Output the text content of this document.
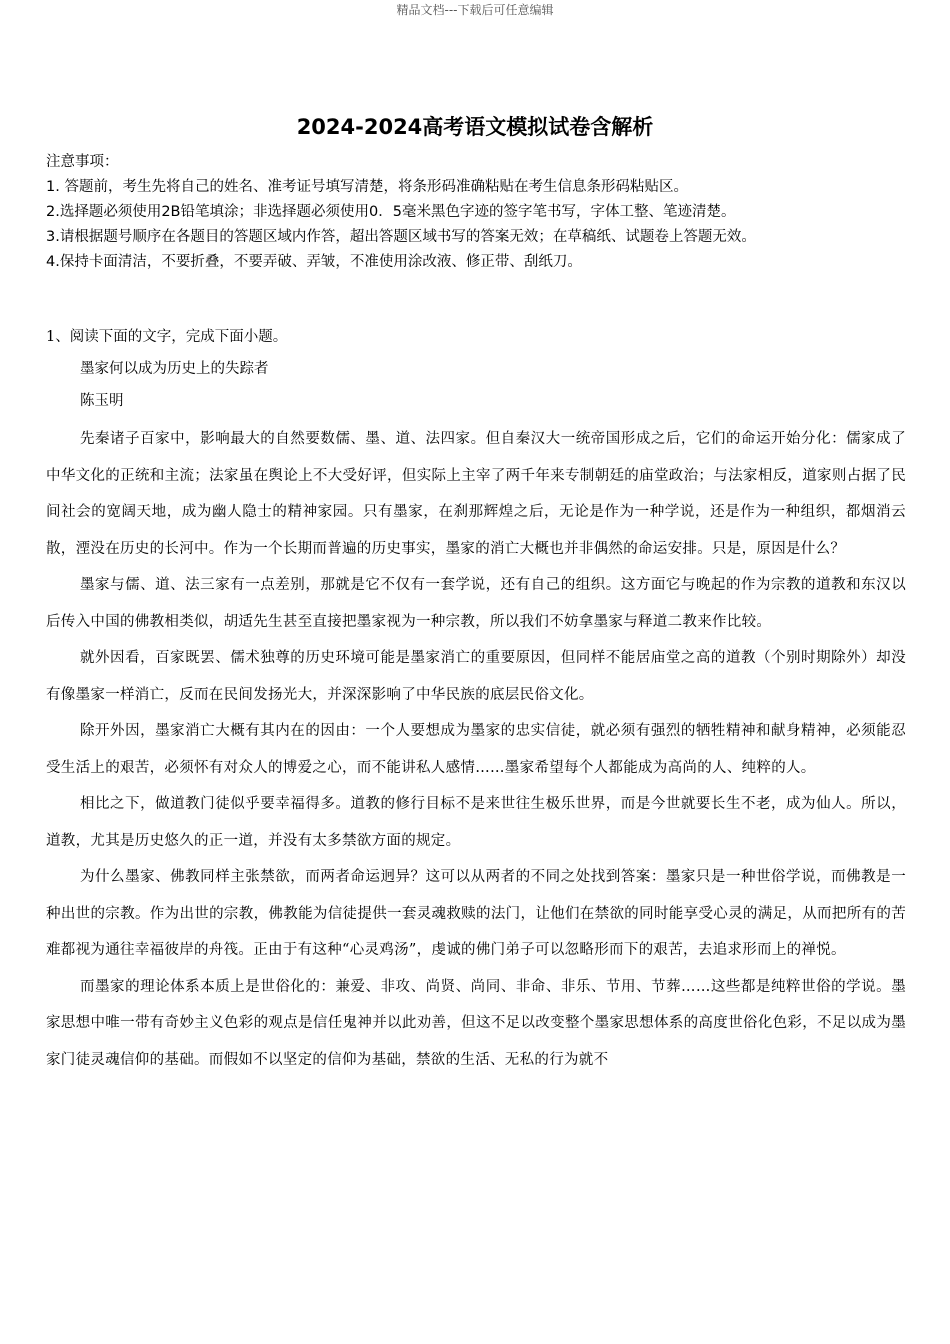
精品文档---下载后可任意编辑
2024-2024高考语文模拟试卷含解析
注意事项：
1. 答题前，考生先将自己的姓名、准考证号填写清楚，将条形码准确粘贴在考生信息条形码粘贴区。
2.选择题必须使用2B铅笔填涂；非选择题必须使用0．5毫米黑色字迹的签字笔书写，字体工整、笔迹清楚。
3.请根据题号顺序在各题目的答题区域内作答，超出答题区域书写的答案无效；在草稿纸、试题卷上答题无效。
4.保持卡面清洁，不要折叠，不要弄破、弄皱，不准使用涂改液、修正带、刮纸刀。
1、阅读下面的文字，完成下面小题。
墨家何以成为历史上的失踪者
陈玉明

先秦诸子百家中，影响最大的自然要数儒、墨、道、法四家。但自秦汉大一统帝国形成之后，它们的命运开始分化：儒家成了中华文化的正统和主流；法家虽在舆论上不大受好评，但实际上主宰了两千年来专制朝廷的庙堂政治；与法家相反，道家则占据了民间社会的宽阔天地，成为幽人隐士的精神家园。只有墨家，在刹那辉煌之后，无论是作为一种学说，还是作为一种组织，都烟消云散，湮没在历史的长河中。作为一个长期而普遍的历史事实，墨家的消亡大概也并非偶然的命运安排。只是，原因是什么？

墨家与儒、道、法三家有一点差别，那就是它不仅有一套学说，还有自己的组织。这方面它与晚起的作为宗教的道教和东汉以后传入中国的佛教相类似，胡适先生甚至直接把墨家视为一种宗教，所以我们不妨拿墨家与释道二教来作比较。

就外因看，百家既罢、儒术独尊的历史环境可能是墨家消亡的重要原因，但同样不能居庙堂之高的道教（个别时期除外）却没有像墨家一样消亡，反而在民间发扬光大，并深深影响了中华民族的底层民俗文化。

除开外因，墨家消亡大概有其内在的因由：一个人要想成为墨家的忠实信徒，就必须有强烈的牺牲精神和献身精神，必须能忍受生活上的艰苦，必须怀有对众人的博爱之心，而不能讲私人感情……墨家希望每个人都能成为高尚的人、纯粹的人。

相比之下，做道教门徒似乎要幸福得多。道教的修行目标不是来世往生极乐世界，而是今世就要长生不老，成为仙人。所以，道教，尤其是历史悠久的正一道，并没有太多禁欲方面的规定。

为什么墨家、佛教同样主张禁欲，而两者命运迥异？这可以从两者的不同之处找到答案：墨家只是一种世俗学说，而佛教是一种出世的宗教。作为出世的宗教，佛教能为信徒提供一套灵魂救赎的法门，让他们在禁欲的同时能享受心灵的满足，从而把所有的苦难都视为通往幸福彼岸的舟筏。正由于有这种“心灵鸡汤”，虔诚的佛门弟子可以忽略形而下的艰苦，去追求形而上的禅悦。

而墨家的理论体系本质上是世俗化的：兼爱、非攻、尚贤、尚同、非命、非乐、节用、节葬……这些都是纯粹世俗的学说。墨家思想中唯一带有奇妙主义色彩的观点是信任鬼神并以此劝善，但这不足以改变整个墨家思想体系的高度世俗化色彩，不足以成为墨家门徒灵魂信仰的基础。而假如不以坚定的信仰为基础，禁欲的生活、无私的行为就不
